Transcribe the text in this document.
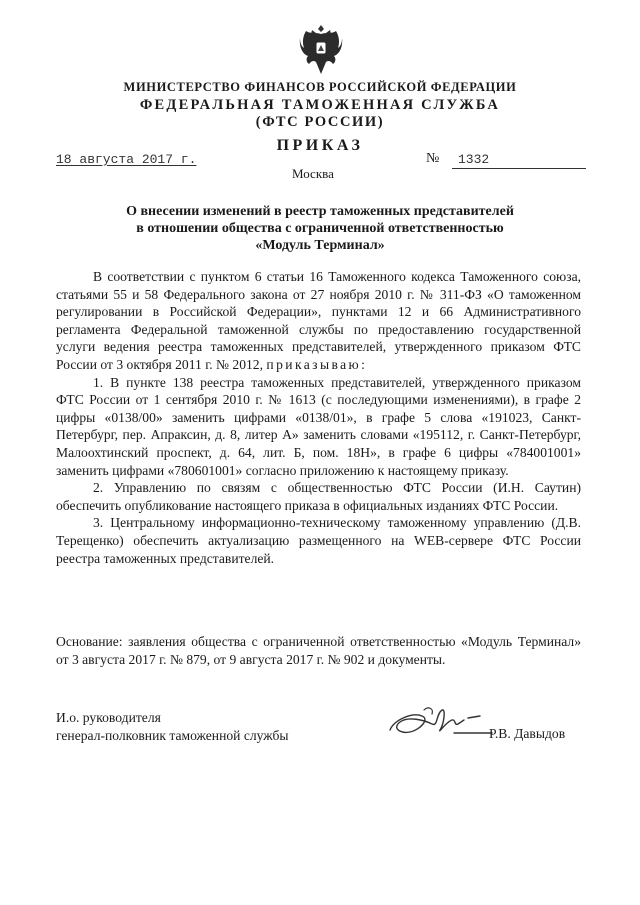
МИНИСТЕРСТВО ФИНАНСОВ РОССИЙСКОЙ ФЕДЕРАЦИИ
ФЕДЕРАЛЬНАЯ ТАМОЖЕННАЯ СЛУЖБА
(ФТС РОССИИ)
ПРИКАЗ
18 августа 2017 г.	№	1332
Москва
О внесении изменений в реестр таможенных представителей
в отношении общества с ограниченной ответственностью
«Модуль Терминал»

В соответствии с пунктом 6 статьи 16 Таможенного кодекса Таможенного союза, статьями 55 и 58 Федерального закона от 27 ноября 2010 г. № 311-ФЗ «О таможенном регулировании в Российской Федерации», пунктами 12 и 66 Административного регламента Федеральной таможенной службы по предоставлению государственной услуги ведения реестра таможенных представителей, утвержденного приказом ФТС России от 3 октября 2011 г. № 2012, приказываю:

1. В пункте 138 реестра таможенных представителей, утвержденного приказом ФТС России от 1 сентября 2010 г. № 1613 (с последующими изменениями), в графе 2 цифры «0138/00» заменить цифрами «0138/01», в графе 5 слова «191023, Санкт-Петербург, пер. Апраксин, д. 8, литер А» заменить словами «195112, г. Санкт-Петербург, Малоохтинский проспект, д. 64, лит. Б, пом. 18Н», в графе 6 цифры «784001001» заменить цифрами «780601001» согласно приложению к настоящему приказу.

2. Управлению по связям с общественностью ФТС России (И.Н. Саутин) обеспечить опубликование настоящего приказа в официальных изданиях ФТС России.

3. Центральному информационно-техническому таможенному управлению (Д.В. Терещенко) обеспечить актуализацию размещенного на WEB-сервере ФТС России реестра таможенных представителей.

Основание: заявления общества с ограниченной ответственностью «Модуль Терминал» от 3 августа 2017 г. № 879, от 9 августа 2017 г. № 902 и документы.
И.о. руководителя
генерал-полковник таможенной службы	Р.В. Давыдов
